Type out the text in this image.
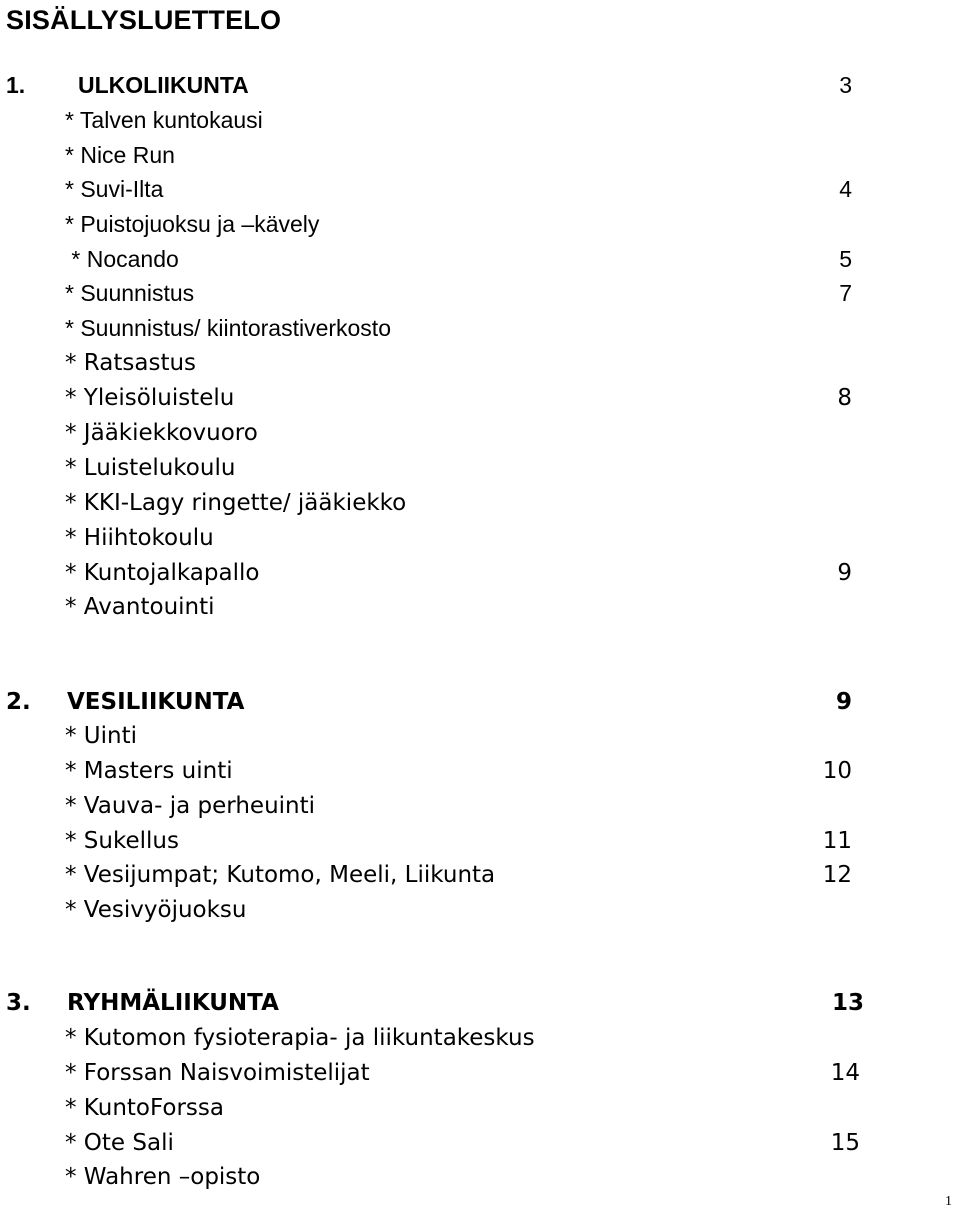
SISÄLLYSLUETTELO
1. ULKOLIIKUNTA	3
* Talven kuntokausi
* Nice Run
* Suvi-Ilta	4
* Puistojuoksu ja –kävely
* Nocando	5
* Suunnistus	7
* Suunnistus/ kiintorastiverkosto
* Ratsastus
* Yleisöluistelu	8
* Jääkiekkovuoro
* Luistelukoulu
* KKI-Lagy ringette/ jääkiekko
* Hiihtokoulu
* Kuntojalkapallo	9
* Avantouinti
2. VESILIIKUNTA	9
* Uinti
* Masters uinti	10
* Vauva- ja perheuinti
* Sukellus	11
* Vesijumpat; Kutomo, Meeli, Liikunta	12
* Vesivyöjuoksu
3. RYHMÄLIIKUNTA	13
* Kutomon fysioterapia- ja liikuntakeskus
* Forssan Naisvoimistelijat	14
* KuntoForssa
* Ote Sali	15
* Wahren –opisto
1
